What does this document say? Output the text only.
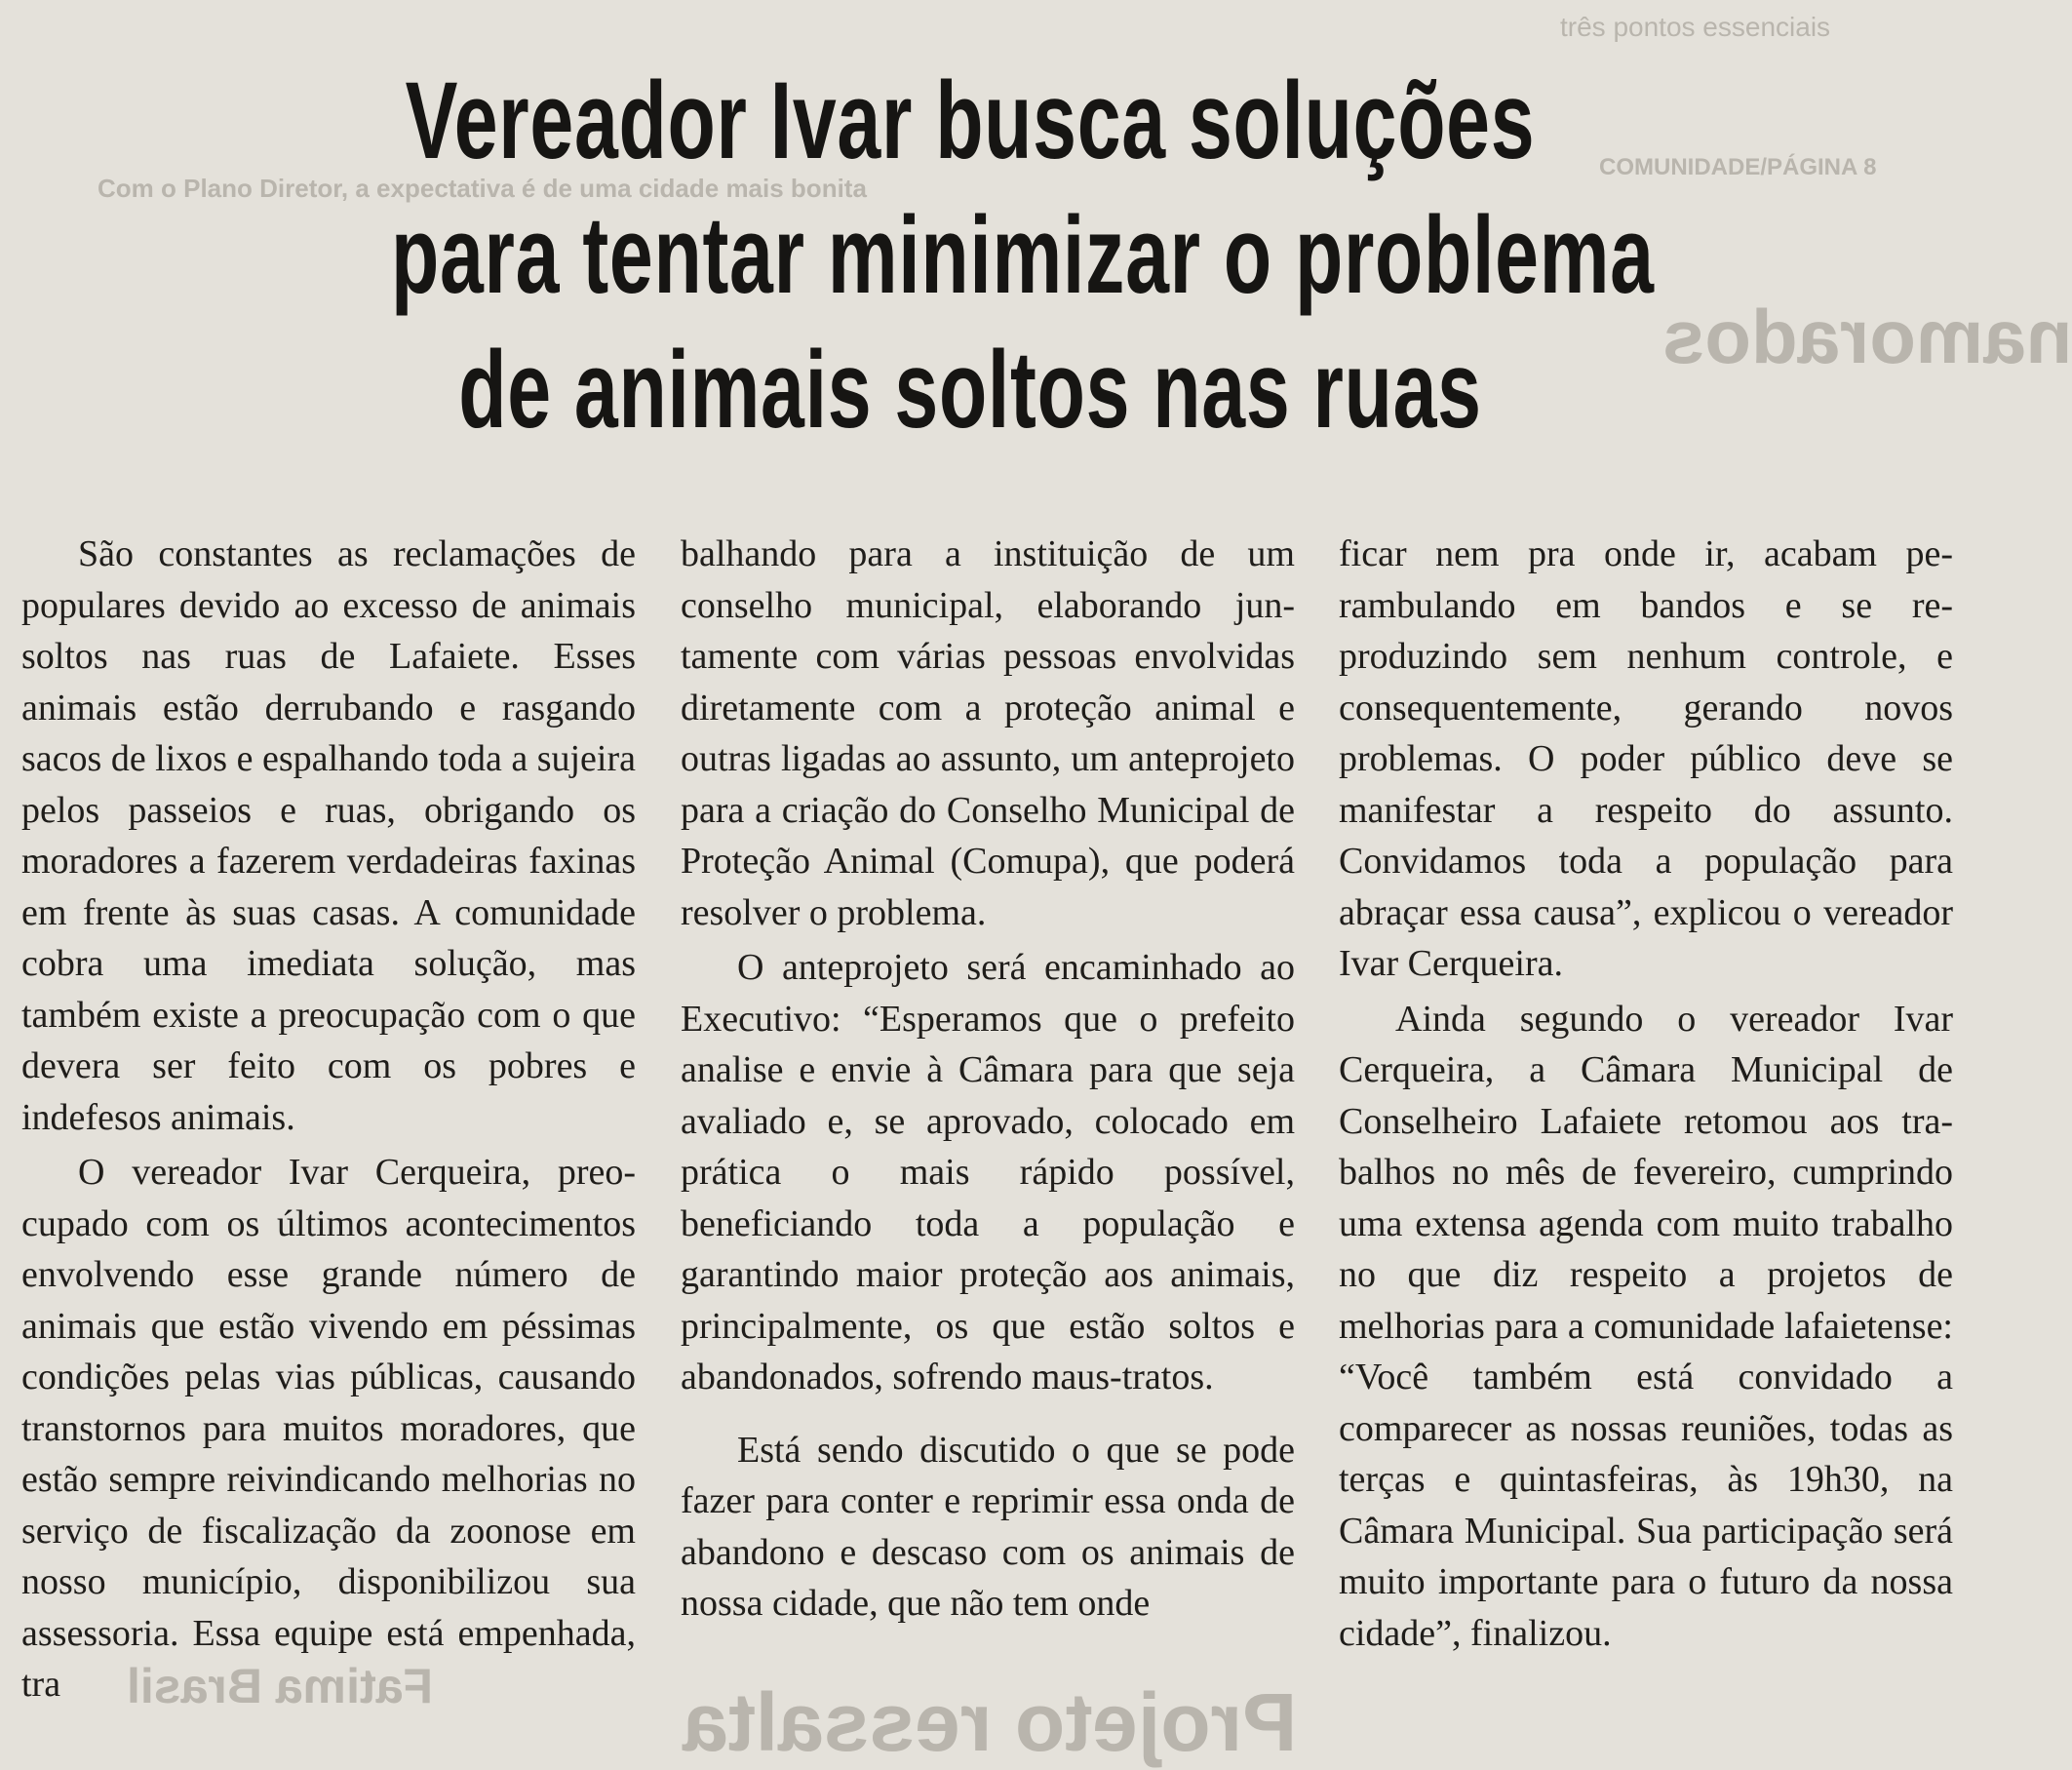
três pontos essenciais
COMUNIDADE/PÁGINA 8
Com o Plano Diretor, a expectativa é de uma cidade mais bonita
namorados
Projeto ressalta
Fatima Brasil
Vereador Ivar busca soluções
para tentar minimizar o problema
de animais soltos nas ruas

São constantes as reclamações de populares devido ao excesso de animais soltos nas ruas de Lafaiete. Esses animais estão derrubando e rasgando sacos de lixos e espalhando toda a sujeira pelos passeios e ruas, obrigando os moradores a fazerem verdadeiras faxinas em frente às suas casas. A comunidade cobra uma imediata solução, mas também existe a preocupação com o que devera ser feito com os pobres e indefesos animais.

O vereador Ivar Cerqueira, preocupado com os últimos acontecimentos envolvendo esse grande número de animais que estão vivendo em péssimas condições pelas vias públicas, causando transtornos para muitos moradores, que estão sempre reivindicando melhorias no serviço de fiscalização da zoonose em nosso município, disponibilizou sua assessoria. Essa equipe está empenhada, tra

balhando para a instituição de um conselho municipal, elaborando juntamente com várias pessoas envolvidas diretamente com a proteção animal e outras ligadas ao assunto, um anteprojeto para a criação do Conselho Municipal de Proteção Animal (Comupa), que poderá resolver o problema.

O anteprojeto será encaminhado ao Executivo: “Esperamos que o prefeito analise e envie à Câmara para que seja avaliado e, se aprovado, colocado em prática o mais rápido possível, beneficiando toda a população e garantindo maior proteção aos animais, principalmente, os que estão soltos e abandonados, sofrendo maus-tratos.

Está sendo discutido o que se pode fazer para conter e reprimir essa onda de abandono e descaso com os animais de nossa cidade, que não tem onde

ficar nem pra onde ir, acabam perambulando em bandos e se reproduzindo sem nenhum controle, e consequentemente, gerando novos problemas. O poder público deve se manifestar a respeito do assunto. Convidamos toda a população para abraçar essa causa”, explicou o vereador Ivar Cerqueira.

Ainda segundo o vereador Ivar Cerqueira, a Câmara Municipal de Conselheiro Lafaiete retomou aos trabalhos no mês de fevereiro, cumprindo uma extensa agenda com muito trabalho no que diz respeito a projetos de melhorias para a comunidade lafaietense: “Você também está convidado a comparecer as nossas reuniões, todas as terças e quintasfeiras, às 19h30, na Câmara Municipal. Sua participação será muito importante para o futuro da nossa cidade”, finalizou.
